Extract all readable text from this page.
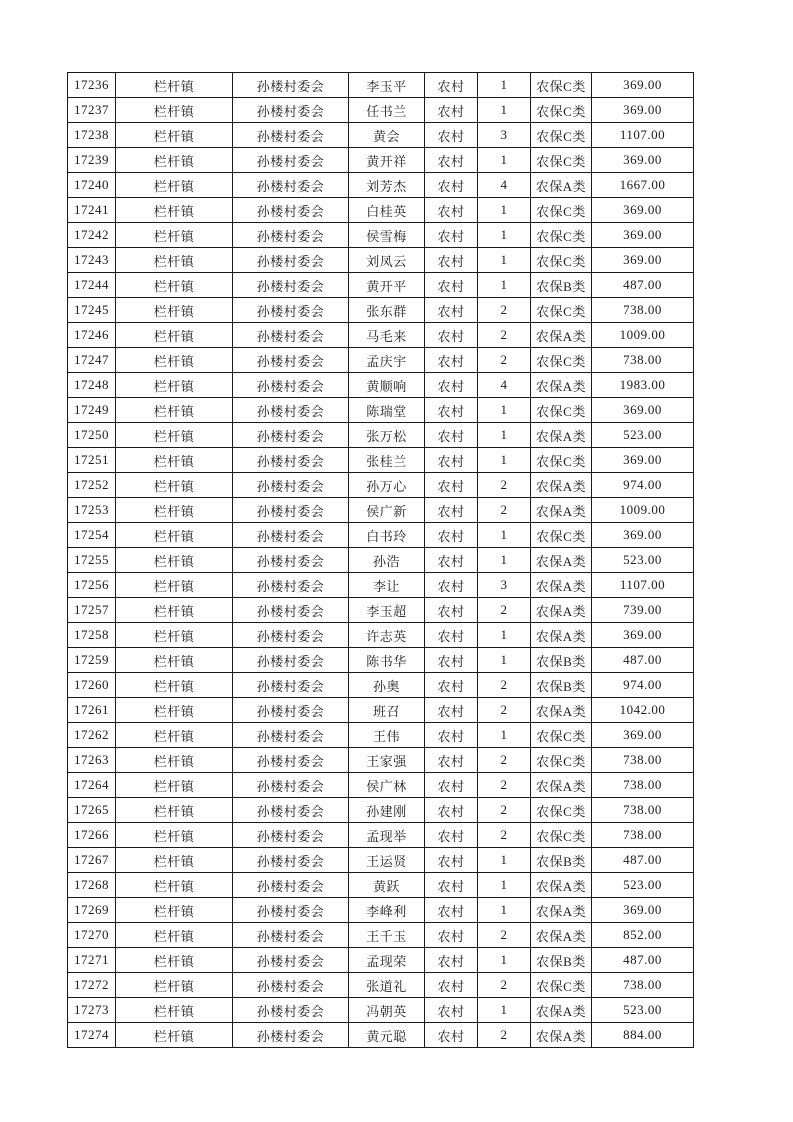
17236	栏杆镇	孙楼村委会	李玉平	农村	1	农保C类	369.00
17237	栏杆镇	孙楼村委会	任书兰	农村	1	农保C类	369.00
17238	栏杆镇	孙楼村委会	黄会	农村	3	农保C类	1107.00
17239	栏杆镇	孙楼村委会	黄开祥	农村	1	农保C类	369.00
17240	栏杆镇	孙楼村委会	刘芳杰	农村	4	农保A类	1667.00
17241	栏杆镇	孙楼村委会	白桂英	农村	1	农保C类	369.00
17242	栏杆镇	孙楼村委会	侯雪梅	农村	1	农保C类	369.00
17243	栏杆镇	孙楼村委会	刘凤云	农村	1	农保C类	369.00
17244	栏杆镇	孙楼村委会	黄开平	农村	1	农保B类	487.00
17245	栏杆镇	孙楼村委会	张东群	农村	2	农保C类	738.00
17246	栏杆镇	孙楼村委会	马毛来	农村	2	农保A类	1009.00
17247	栏杆镇	孙楼村委会	孟庆宇	农村	2	农保C类	738.00
17248	栏杆镇	孙楼村委会	黄顺响	农村	4	农保A类	1983.00
17249	栏杆镇	孙楼村委会	陈瑞堂	农村	1	农保C类	369.00
17250	栏杆镇	孙楼村委会	张万松	农村	1	农保A类	523.00
17251	栏杆镇	孙楼村委会	张桂兰	农村	1	农保C类	369.00
17252	栏杆镇	孙楼村委会	孙万心	农村	2	农保A类	974.00
17253	栏杆镇	孙楼村委会	侯广新	农村	2	农保A类	1009.00
17254	栏杆镇	孙楼村委会	白书玲	农村	1	农保C类	369.00
17255	栏杆镇	孙楼村委会	孙浩	农村	1	农保A类	523.00
17256	栏杆镇	孙楼村委会	李让	农村	3	农保A类	1107.00
17257	栏杆镇	孙楼村委会	李玉超	农村	2	农保A类	739.00
17258	栏杆镇	孙楼村委会	许志英	农村	1	农保A类	369.00
17259	栏杆镇	孙楼村委会	陈书华	农村	1	农保B类	487.00
17260	栏杆镇	孙楼村委会	孙奥	农村	2	农保B类	974.00
17261	栏杆镇	孙楼村委会	班召	农村	2	农保A类	1042.00
17262	栏杆镇	孙楼村委会	王伟	农村	1	农保C类	369.00
17263	栏杆镇	孙楼村委会	王家强	农村	2	农保C类	738.00
17264	栏杆镇	孙楼村委会	侯广林	农村	2	农保A类	738.00
17265	栏杆镇	孙楼村委会	孙建刚	农村	2	农保C类	738.00
17266	栏杆镇	孙楼村委会	孟现举	农村	2	农保C类	738.00
17267	栏杆镇	孙楼村委会	王运贤	农村	1	农保B类	487.00
17268	栏杆镇	孙楼村委会	黄跃	农村	1	农保A类	523.00
17269	栏杆镇	孙楼村委会	李峰利	农村	1	农保A类	369.00
17270	栏杆镇	孙楼村委会	王千玉	农村	2	农保A类	852.00
17271	栏杆镇	孙楼村委会	孟现荣	农村	1	农保B类	487.00
17272	栏杆镇	孙楼村委会	张道礼	农村	2	农保C类	738.00
17273	栏杆镇	孙楼村委会	冯朝英	农村	1	农保A类	523.00
17274	栏杆镇	孙楼村委会	黄元聪	农村	2	农保A类	884.00
